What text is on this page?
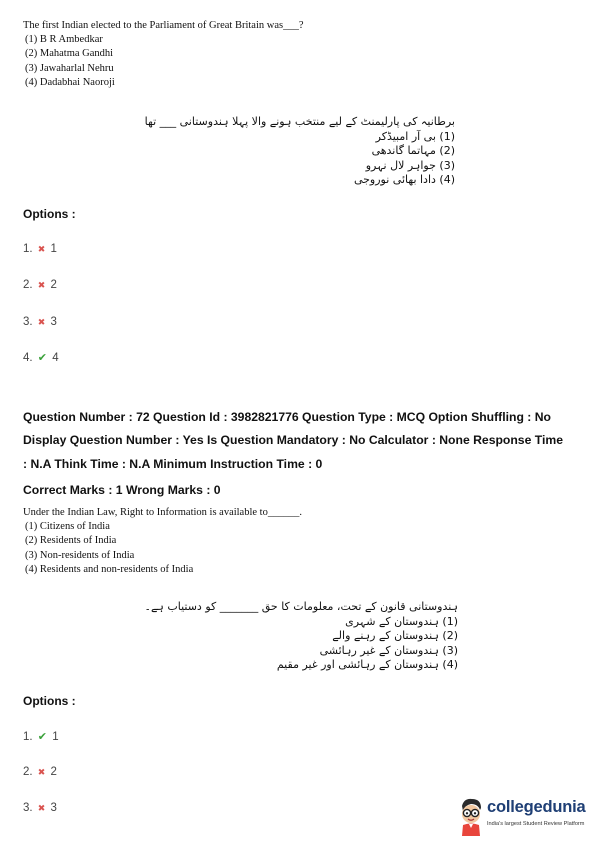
The first Indian elected to the Parliament of Great Britain was___?
(1) B R Ambedkar
(2) Mahatma Gandhi
(3) Jawaharlal Nehru
(4) Dadabhai Naoroji
برطانیہ کی پارلیمنٹ کے لیے منتخب ہونے والا پہلا ہندوستانی ___ تھا
(1) بی آر امبیڈکر
(2) مہاتما گاندھی
(3) جواہر لال نہرو
(4) دادا بھائی نوروجی
Options :
1. ✖ 1
2. ✖ 2
3. ✖ 3
4. ✔ 4
Question Number : 72 Question Id : 3982821776 Question Type : MCQ Option Shuffling : No
Display Question Number : Yes Is Question Mandatory : No Calculator : None Response Time
: N.A Think Time : N.A Minimum Instruction Time : 0
Correct Marks : 1 Wrong Marks : 0
Under the Indian Law, Right to Information is available to______.
(1) Citizens of India
(2) Residents of India
(3) Non-residents of India
(4) Residents and non-residents of India
ہندوستانی قانون کے تحت، معلومات کا حق _______ کو دستیاب ہے۔
(1) ہندوستان کے شہری
(2) ہندوستان کے رہنے والے
(3) ہندوستان کے غیر رہائشی
(4) ہندوستان کے رہائشی اور غیر مقیم
Options :
1. ✔ 1
2. ✖ 2
3. ✖ 3	collegedunia
India's largest Student Review Platform
